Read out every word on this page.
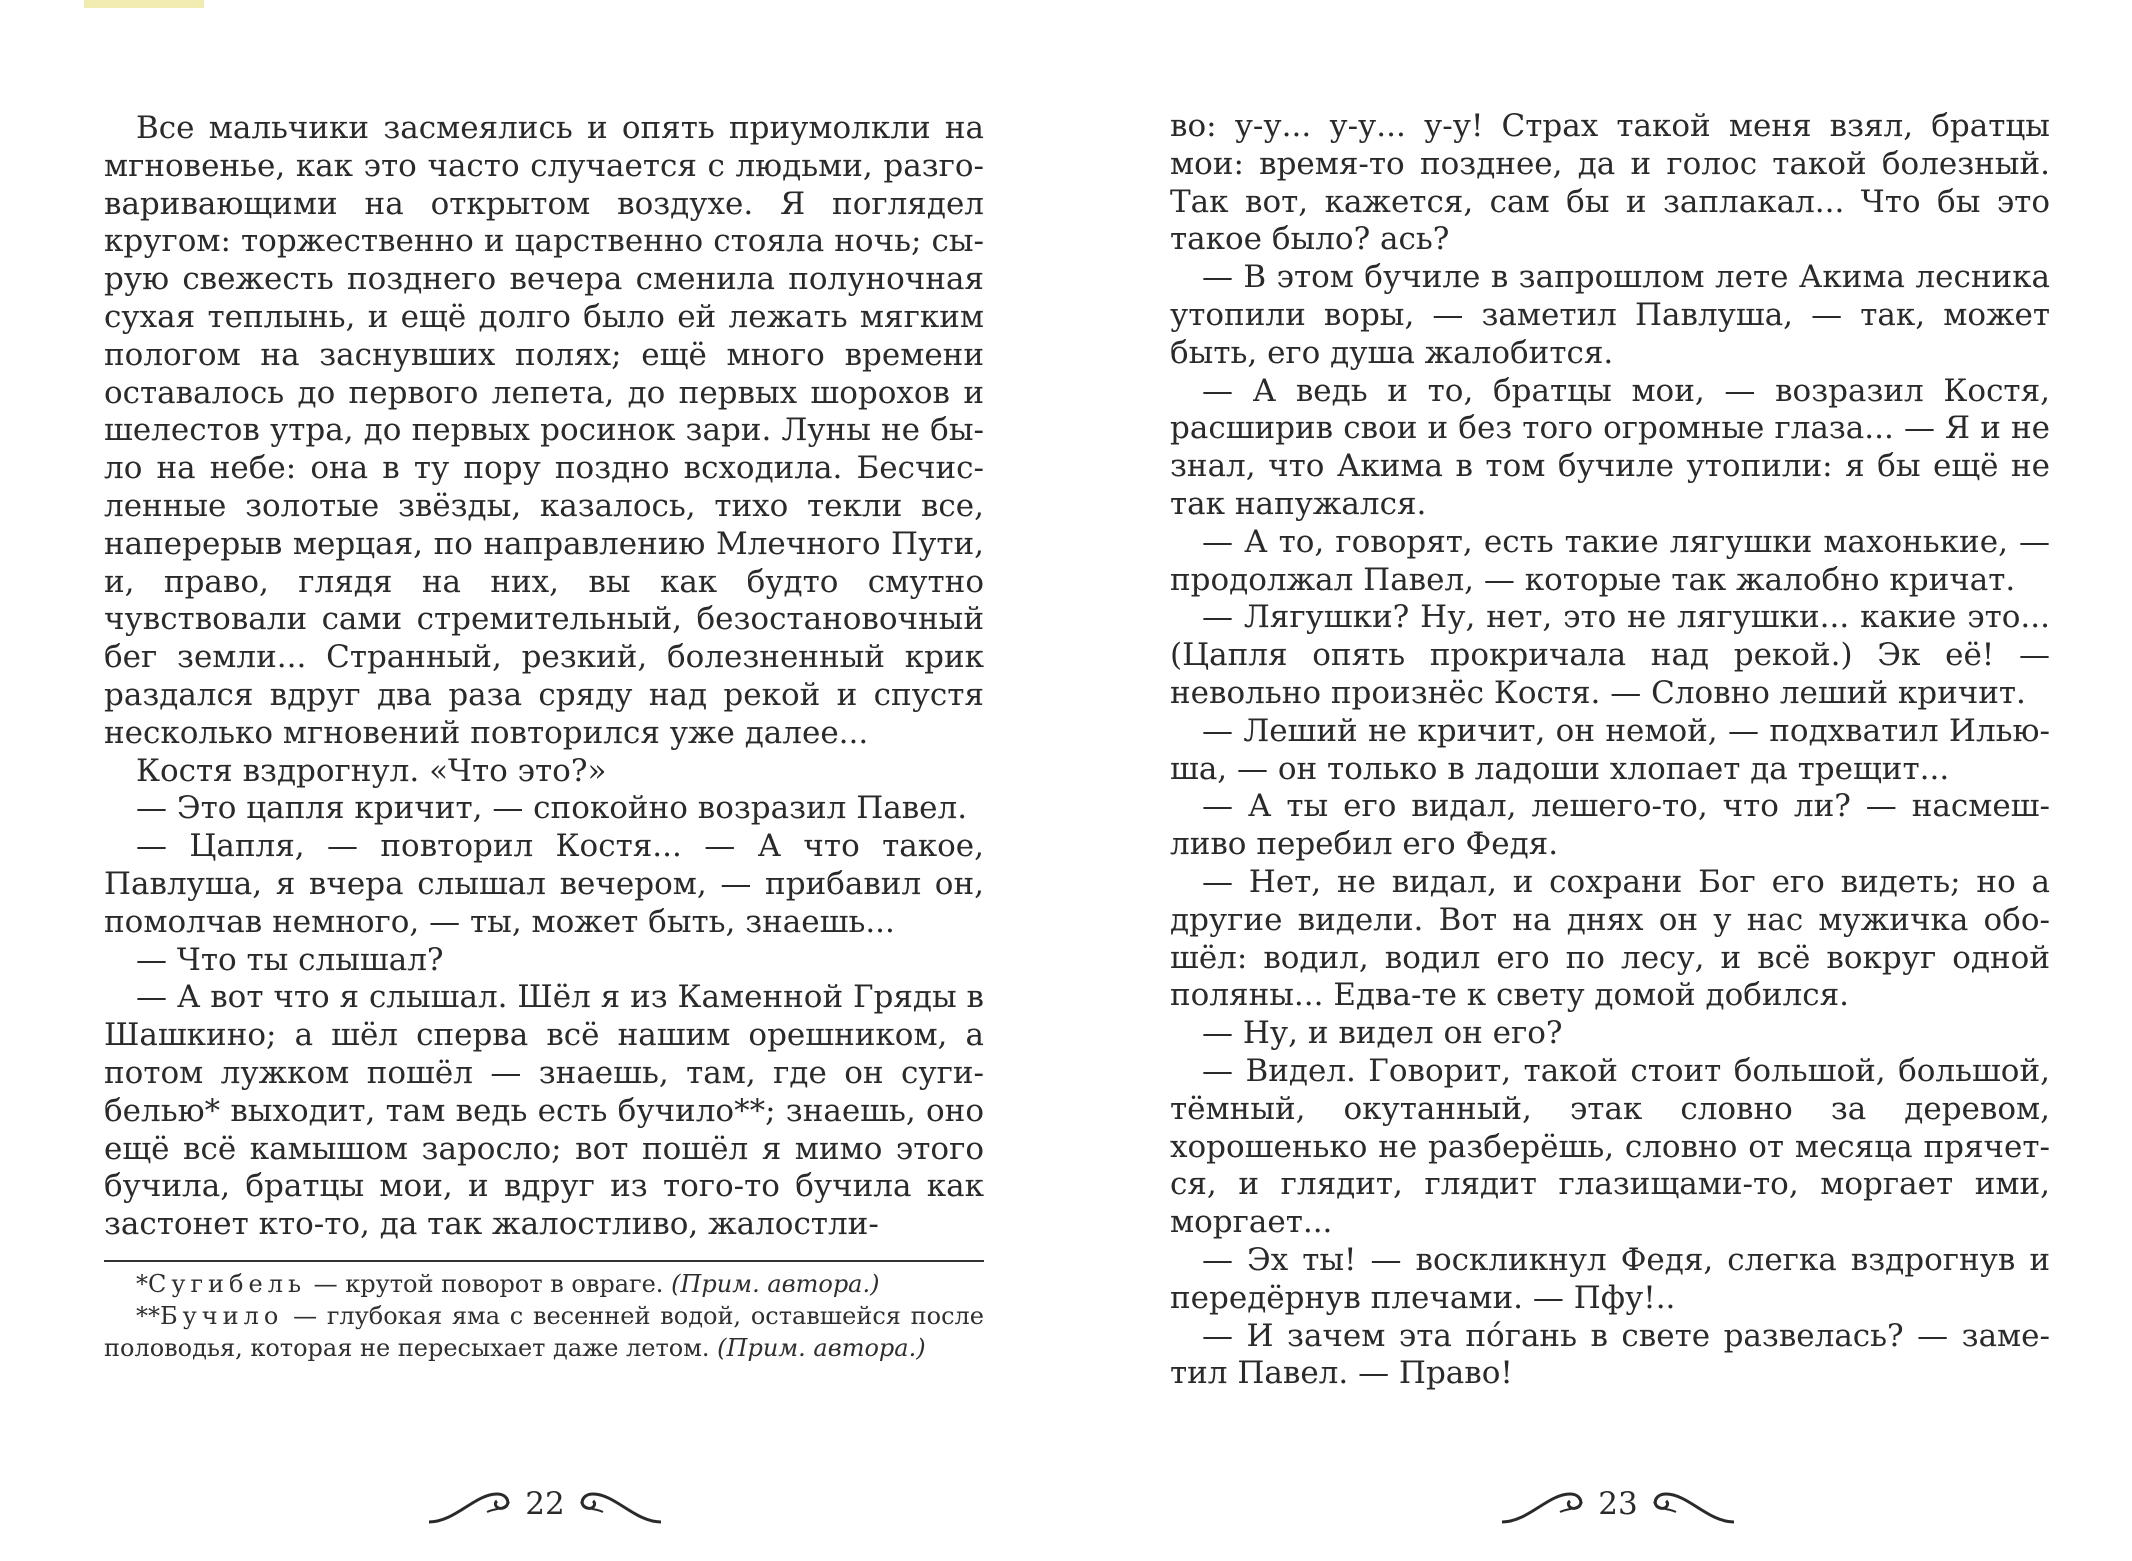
Все мальчики засмеялись и опять приумолкли на мгновенье, как это часто случается с людьми, разговаривающими на открытом воздухе. Я поглядел кругом: торжественно и царственно стояла ночь; сырую свежесть позднего вечера сменила полуночная сухая теплынь, и ещё долго было ей лежать мягким пологом на заснувших полях; ещё много времени оставалось до первого лепета, до первых шорохов и шелестов утра, до первых росинок зари. Луны не было на небе: она в ту пору поздно всходила. Бесчисленные золотые звёзды, казалось, тихо текли все, наперерыв мерцая, по направлению Млечного Пути, и, право, глядя на них, вы как будто смутно чувствовали сами стремительный, безостановочный бег земли... Странный, резкий, болезненный крик раздался вдруг два раза сряду над рекой и спустя несколько мгновений повторился уже далее...

Костя вздрогнул. «Что это?»

— Это цапля кричит, — спокойно возразил Павел.

— Цапля, — повторил Костя... — А что такое, Павлуша, я вчера слышал вечером, — прибавил он, помолчав немного, — ты, может быть, знаешь...

— Что ты слышал?

— А вот что я слышал. Шёл я из Каменной Гряды в Шашкино; а шёл сперва всё нашим орешником, а потом лужком пошёл — знаешь, там, где он сугибелью* выходит, там ведь есть бучило**; знаешь, оно ещё всё камышом заросло; вот пошёл я мимо этого бучила, братцы мои, и вдруг из того-то бучила как застонет кто-то, да так жалостливо, жалостли-

*Сугибель — крутой поворот в овраге. (Прим. автора.)

**Бучило — глубокая яма с весенней водой, оставшейся после половодья, которая не пересыхает даже летом. (Прим. автора.)

22

во: у-у... у-у... у-у! Страх такой меня взял, братцы мои: время-то позднее, да и голос такой болезный. Так вот, кажется, сам бы и заплакал... Что бы это такое было? ась?

— В этом бучиле в запрошлом лете Акима лесника утопили воры, — заметил Павлуша, — так, может быть, его душа жалобится.

— А ведь и то, братцы мои, — возразил Костя, расширив свои и без того огромные глаза... — Я и не знал, что Акима в том бучиле утопили: я бы ещё не так напужался.

— А то, говорят, есть такие лягушки махонькие, — продолжал Павел, — которые так жалобно кричат.

— Лягушки? Ну, нет, это не лягушки... какие это... (Цапля опять прокричала над рекой.) Эк её! — невольно произнёс Костя. — Словно леший кричит.

— Леший не кричит, он немой, — подхватил Ильюша, — он только в ладоши хлопает да трещит...

— А ты его видал, лешего-то, что ли? — насмешливо перебил его Федя.

— Нет, не видал, и сохрани Бог его видеть; но а другие видели. Вот на днях он у нас мужичка обошёл: водил, водил его по лесу, и всё вокруг одной поляны... Едва-те к свету домой добился.

— Ну, и видел он его?

— Видел. Говорит, такой стоит большой, большой, тёмный, окутанный, этак словно за деревом, хорошенько не разберёшь, словно от месяца прячется, и глядит, глядит глазищами-то, моргает ими, моргает...

— Эх ты! — воскликнул Федя, слегка вздрогнув и передёрнув плечами. — Пфу!..

— И зачем эта по́гань в свете развелась? — заметил Павел. — Право!

23
